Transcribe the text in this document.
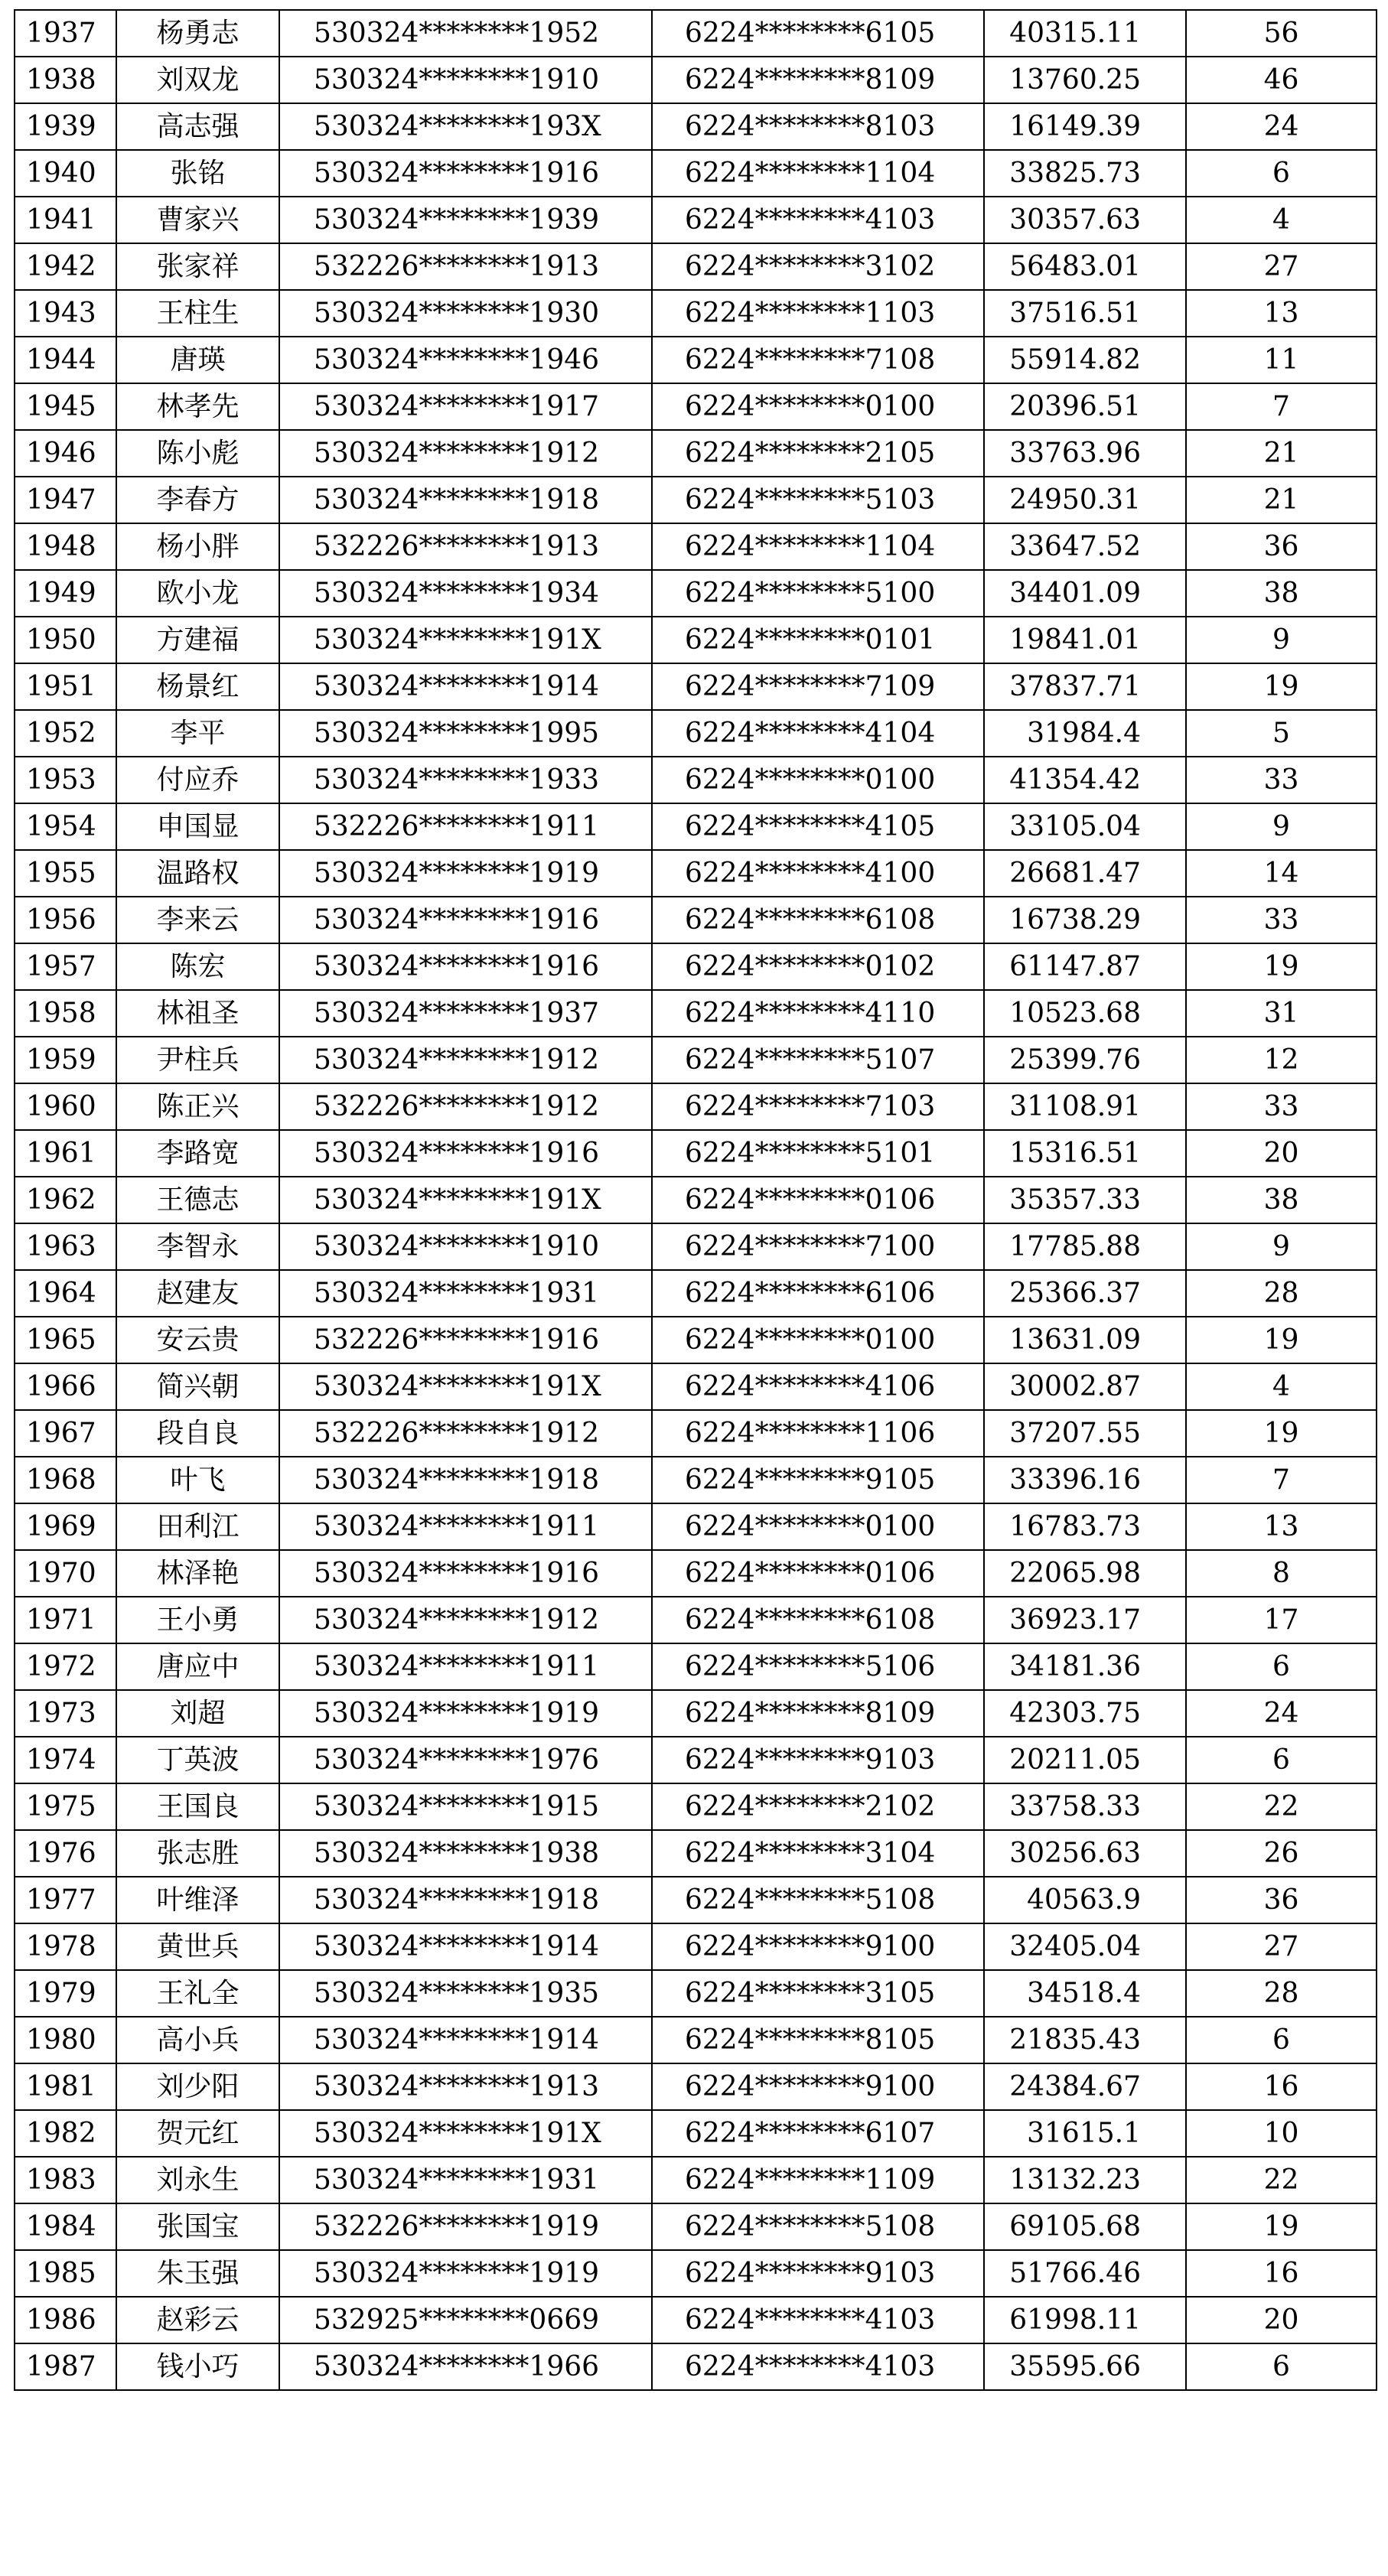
1937	杨勇志	530324********1952	6224********6105	40315.11	56
1938	刘双龙	530324********1910	6224********8109	13760.25	46
1939	高志强	530324********193X	6224********8103	16149.39	24
1940	张铭	530324********1916	6224********1104	33825.73	6
1941	曹家兴	530324********1939	6224********4103	30357.63	4
1942	张家祥	532226********1913	6224********3102	56483.01	27
1943	王柱生	530324********1930	6224********1103	37516.51	13
1944	唐瑛	530324********1946	6224********7108	55914.82	11
1945	林孝先	530324********1917	6224********0100	20396.51	7
1946	陈小彪	530324********1912	6224********2105	33763.96	21
1947	李春方	530324********1918	6224********5103	24950.31	21
1948	杨小胖	532226********1913	6224********1104	33647.52	36
1949	欧小龙	530324********1934	6224********5100	34401.09	38
1950	方建福	530324********191X	6224********0101	19841.01	9
1951	杨景红	530324********1914	6224********7109	37837.71	19
1952	李平	530324********1995	6224********4104	31984.4	5
1953	付应乔	530324********1933	6224********0100	41354.42	33
1954	申国显	532226********1911	6224********4105	33105.04	9
1955	温路权	530324********1919	6224********4100	26681.47	14
1956	李来云	530324********1916	6224********6108	16738.29	33
1957	陈宏	530324********1916	6224********0102	61147.87	19
1958	林祖圣	530324********1937	6224********4110	10523.68	31
1959	尹柱兵	530324********1912	6224********5107	25399.76	12
1960	陈正兴	532226********1912	6224********7103	31108.91	33
1961	李路宽	530324********1916	6224********5101	15316.51	20
1962	王德志	530324********191X	6224********0106	35357.33	38
1963	李智永	530324********1910	6224********7100	17785.88	9
1964	赵建友	530324********1931	6224********6106	25366.37	28
1965	安云贵	532226********1916	6224********0100	13631.09	19
1966	简兴朝	530324********191X	6224********4106	30002.87	4
1967	段自良	532226********1912	6224********1106	37207.55	19
1968	叶飞	530324********1918	6224********9105	33396.16	7
1969	田利江	530324********1911	6224********0100	16783.73	13
1970	林泽艳	530324********1916	6224********0106	22065.98	8
1971	王小勇	530324********1912	6224********6108	36923.17	17
1972	唐应中	530324********1911	6224********5106	34181.36	6
1973	刘超	530324********1919	6224********8109	42303.75	24
1974	丁英波	530324********1976	6224********9103	20211.05	6
1975	王国良	530324********1915	6224********2102	33758.33	22
1976	张志胜	530324********1938	6224********3104	30256.63	26
1977	叶维泽	530324********1918	6224********5108	40563.9	36
1978	黄世兵	530324********1914	6224********9100	32405.04	27
1979	王礼全	530324********1935	6224********3105	34518.4	28
1980	高小兵	530324********1914	6224********8105	21835.43	6
1981	刘少阳	530324********1913	6224********9100	24384.67	16
1982	贺元红	530324********191X	6224********6107	31615.1	10
1983	刘永生	530324********1931	6224********1109	13132.23	22
1984	张国宝	532226********1919	6224********5108	69105.68	19
1985	朱玉强	530324********1919	6224********9103	51766.46	16
1986	赵彩云	532925********0669	6224********4103	61998.11	20
1987	钱小巧	530324********1966	6224********4103	35595.66	6
